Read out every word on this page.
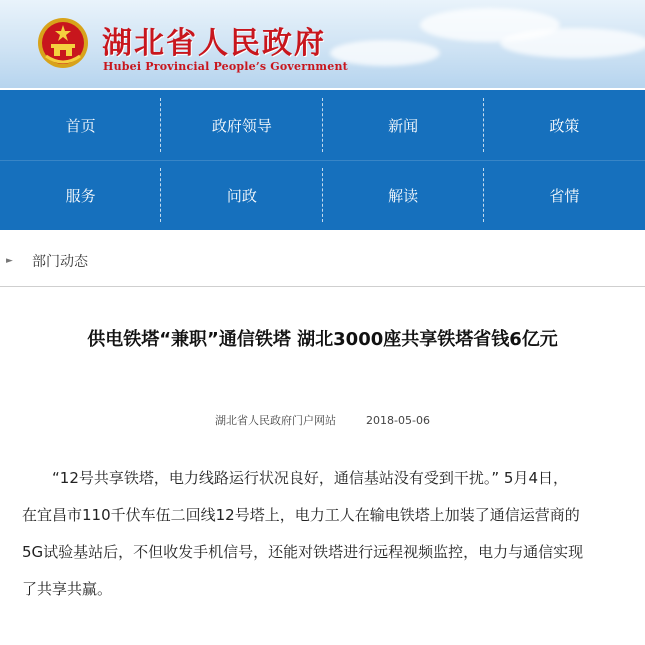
湖北省人民政府
Hubei Provincial People’s Government
首页	政府领导	新闻	政策
服务	问政	解读	省情
► 部门动态
供电铁塔“兼职”通信铁塔 湖北3000座共享铁塔省钱6亿元
湖北省人民政府门户网站	2018-05-06

“12号共享铁塔，电力线路运行状况良好，通信基站没有受到干扰。” 5月4日，
在宜昌市110千伏车伍二回线12号塔上，电力工人在输电铁塔上加装了通信运营商的
5G试验基站后，不但收发手机信号，还能对铁塔进行远程视频监控，电力与通信实现
了共享共赢。
